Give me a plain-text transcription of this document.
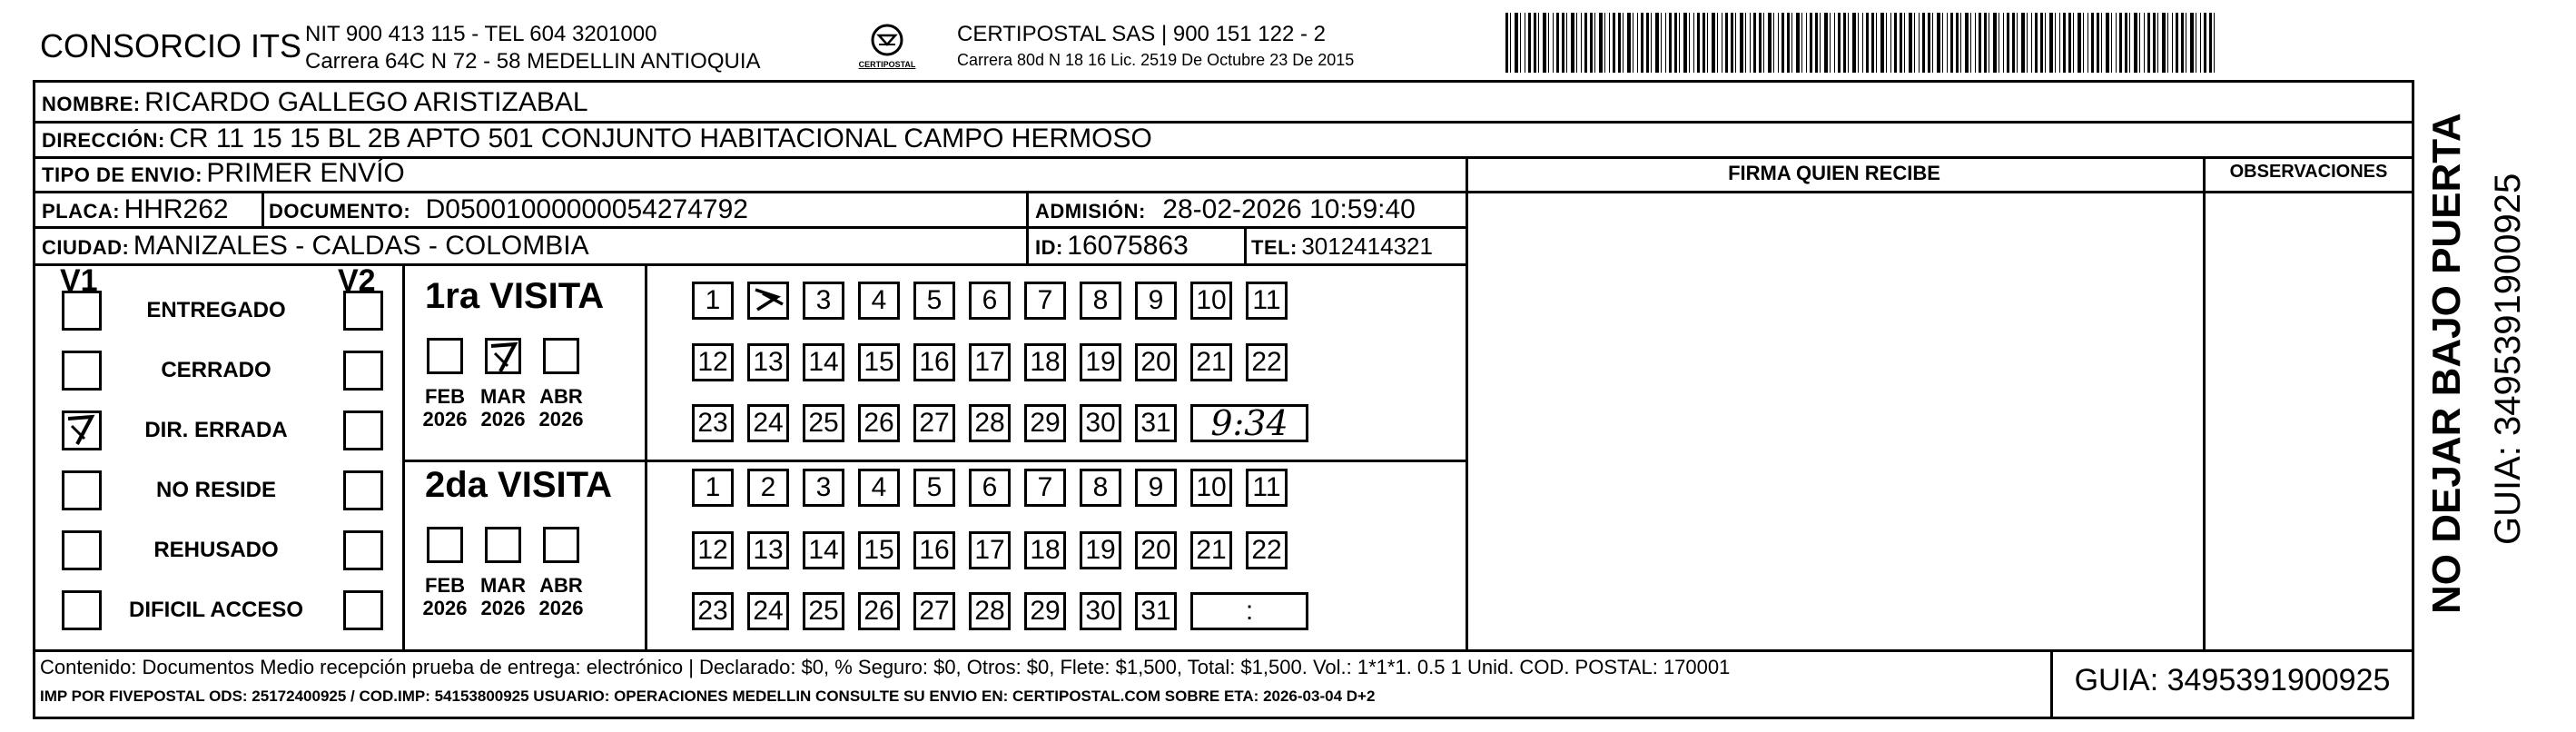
CONSORCIO ITS NIT 900 413 115 - TEL 604 3201000
Carrera 64C N 72 - 58 MEDELLIN ANTIOQUIA	CERTIPOSTAL
CERTIPOSTAL SAS | 900 151 122 - 2
Carrera 80d N 18 16 Lic. 2519 De Octubre 23 De 2015
NOMBRE: RICARDO GALLEGO ARISTIZABAL
DIRECCIÓN: CR 11 15 15 BL 2B APTO 501 CONJUNTO HABITACIONAL CAMPO HERMOSO
TIPO DE ENVIO: PRIMER ENVÍO	FIRMA QUIEN RECIBE	OBSERVACIONES
PLACA: HHR262 DOCUMENTO: D05001000000054274792	ADMISIÓN: 28-02-2026 10:59:40
CIUDAD: MANIZALES - CALDAS - COLOMBIA	ID: 16075863	TEL: 3012414321
V1	V2
ENTREGADO
CERRADO
DIR. ERRADA
NO RESIDE
REHUSADO
DIFICIL ACCESO
1ra VISITA
2da VISITA
FEB
2026
MAR
2026
ABR
2026
FEB
2026
MAR
2026
ABR
2026
1	3	4	5	6	7	8	9	10 11
12 13 14 15 16 17 18 19 20 21 22
23 24 25 26 27 28 29 30 31	9:34
1	2	3	4	5	6	7	8	9	10 11
12 13 14 15 16 17 18 19 20 21 22
23 24 25 26 27 28 29 30 31	:
Contenido: Documentos Medio recepción prueba de entrega: electrónico | Declarado: $0, % Seguro: $0, Otros: $0, Flete: $1,500, Total: $1,500. Vol.: 1*1*1. 0.5 1 Unid. COD. POSTAL: 170001
IMP POR FIVEPOSTAL ODS: 25172400925 / COD.IMP: 54153800925 USUARIO: OPERACIONES MEDELLIN CONSULTE SU ENVIO EN: CERTIPOSTAL.COM SOBRE ETA: 2026-03-04 D+2	GUIA: 3495391900925
NO DEJAR BAJO PUERTA GUIA: 3495391900925
